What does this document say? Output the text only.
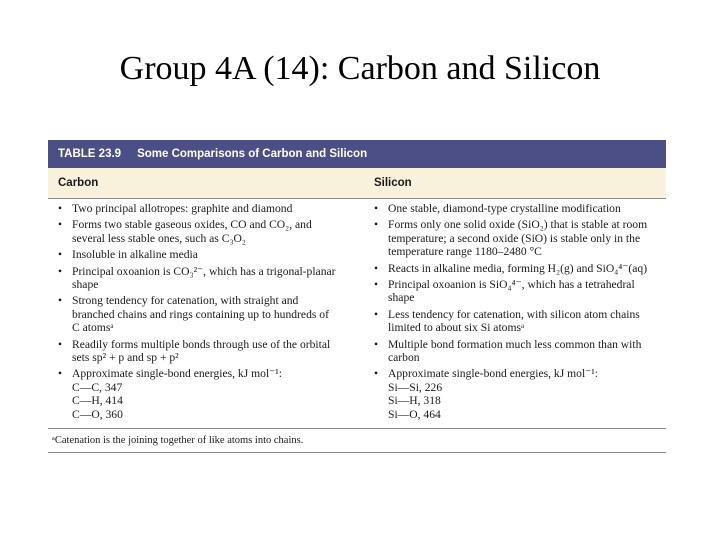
Group 4A (14): Carbon and Silicon
TABLE 23.9 Some Comparisons of Carbon and Silicon
Carbon	Silicon
• Two principal allotropes: graphite and diamond
• Forms two stable gaseous oxides, CO and CO₂, and
several less stable ones, such as C₃O₂
• Insoluble in alkaline media
• Principal oxoanion is CO₃²⁻, which has a trigonal-planar
shape
• Strong tendency for catenation, with straight and
branched chains and rings containing up to hundreds of
C atomsᵃ
• Readily forms multiple bonds through use of the orbital
sets sp² + p and sp + p²
• Approximate single-bond energies, kJ mol⁻¹:
C—C, 347
C—H, 414
C—O, 360
• One stable, diamond-type crystalline modification
• Forms only one solid oxide (SiO₂) that is stable at room
temperature; a second oxide (SiO) is stable only in the
temperature range 1180–2480 °C
• Reacts in alkaline media, forming H₂(g) and SiO₄⁴⁻(aq)
• Principal oxoanion is SiO₄⁴⁻, which has a tetrahedral
shape
• Less tendency for catenation, with silicon atom chains
limited to about six Si atomsᵃ
• Multiple bond formation much less common than with
carbon
• Approximate single-bond energies, kJ mol⁻¹:
Si—Si, 226
Si—H, 318
Si—O, 464
ᵃCatenation is the joining together of like atoms into chains.
